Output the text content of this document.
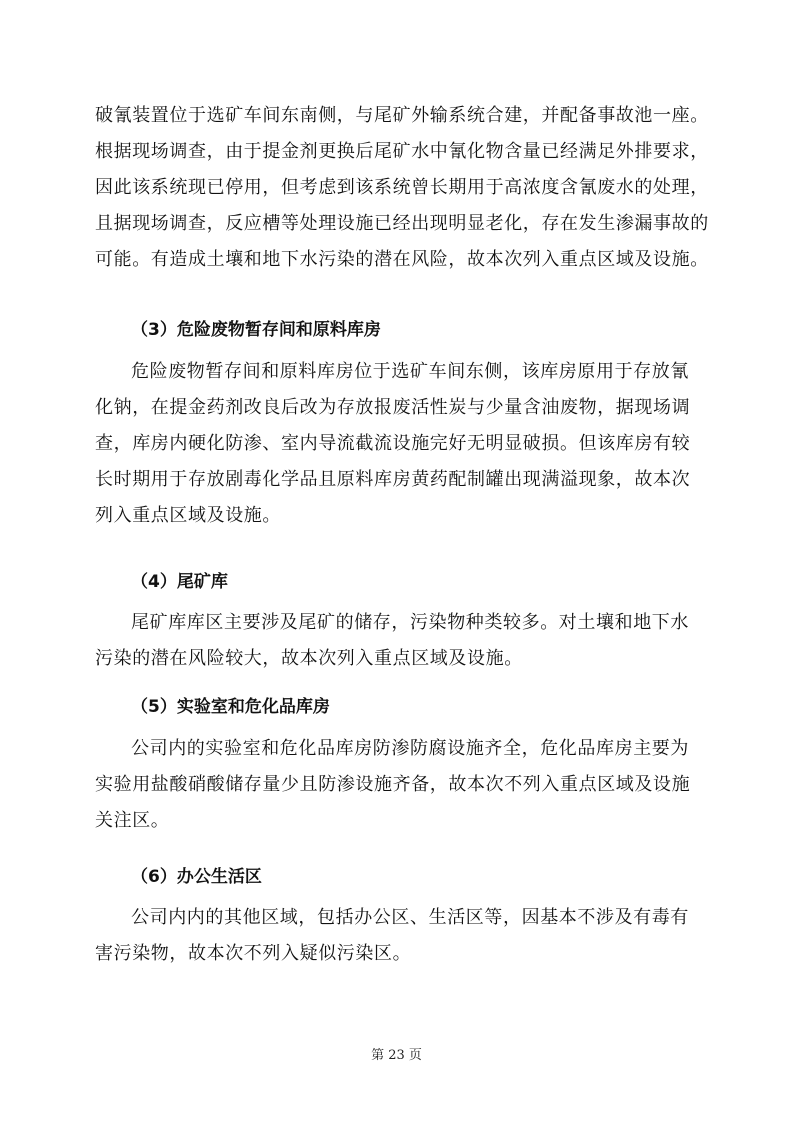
破氰装置位于选矿车间东南侧，与尾矿外输系统合建，并配备事故池一座。
根据现场调查，由于提金剂更换后尾矿水中氰化物含量已经满足外排要求，
因此该系统现已停用，但考虑到该系统曾长期用于高浓度含氰废水的处理，
且据现场调查，反应槽等处理设施已经出现明显老化，存在发生渗漏事故的
可能。有造成土壤和地下水污染的潜在风险，故本次列入重点区域及设施。
（3）危险废物暂存间和原料库房
危险废物暂存间和原料库房位于选矿车间东侧，该库房原用于存放氰
化钠，在提金药剂改良后改为存放报废活性炭与少量含油废物，据现场调
查，库房内硬化防渗、室内导流截流设施完好无明显破损。但该库房有较
长时期用于存放剧毒化学品且原料库房黄药配制罐出现满溢现象，故本次
列入重点区域及设施。
（4）尾矿库
尾矿库库区主要涉及尾矿的储存，污染物种类较多。对土壤和地下水
污染的潜在风险较大，故本次列入重点区域及设施。
（5）实验室和危化品库房
公司内的实验室和危化品库房防渗防腐设施齐全，危化品库房主要为
实验用盐酸硝酸储存量少且防渗设施齐备，故本次不列入重点区域及设施
关注区。
（6）办公生活区
公司内内的其他区域，包括办公区、生活区等，因基本不涉及有毒有
害污染物，故本次不列入疑似污染区。
第 23 页
